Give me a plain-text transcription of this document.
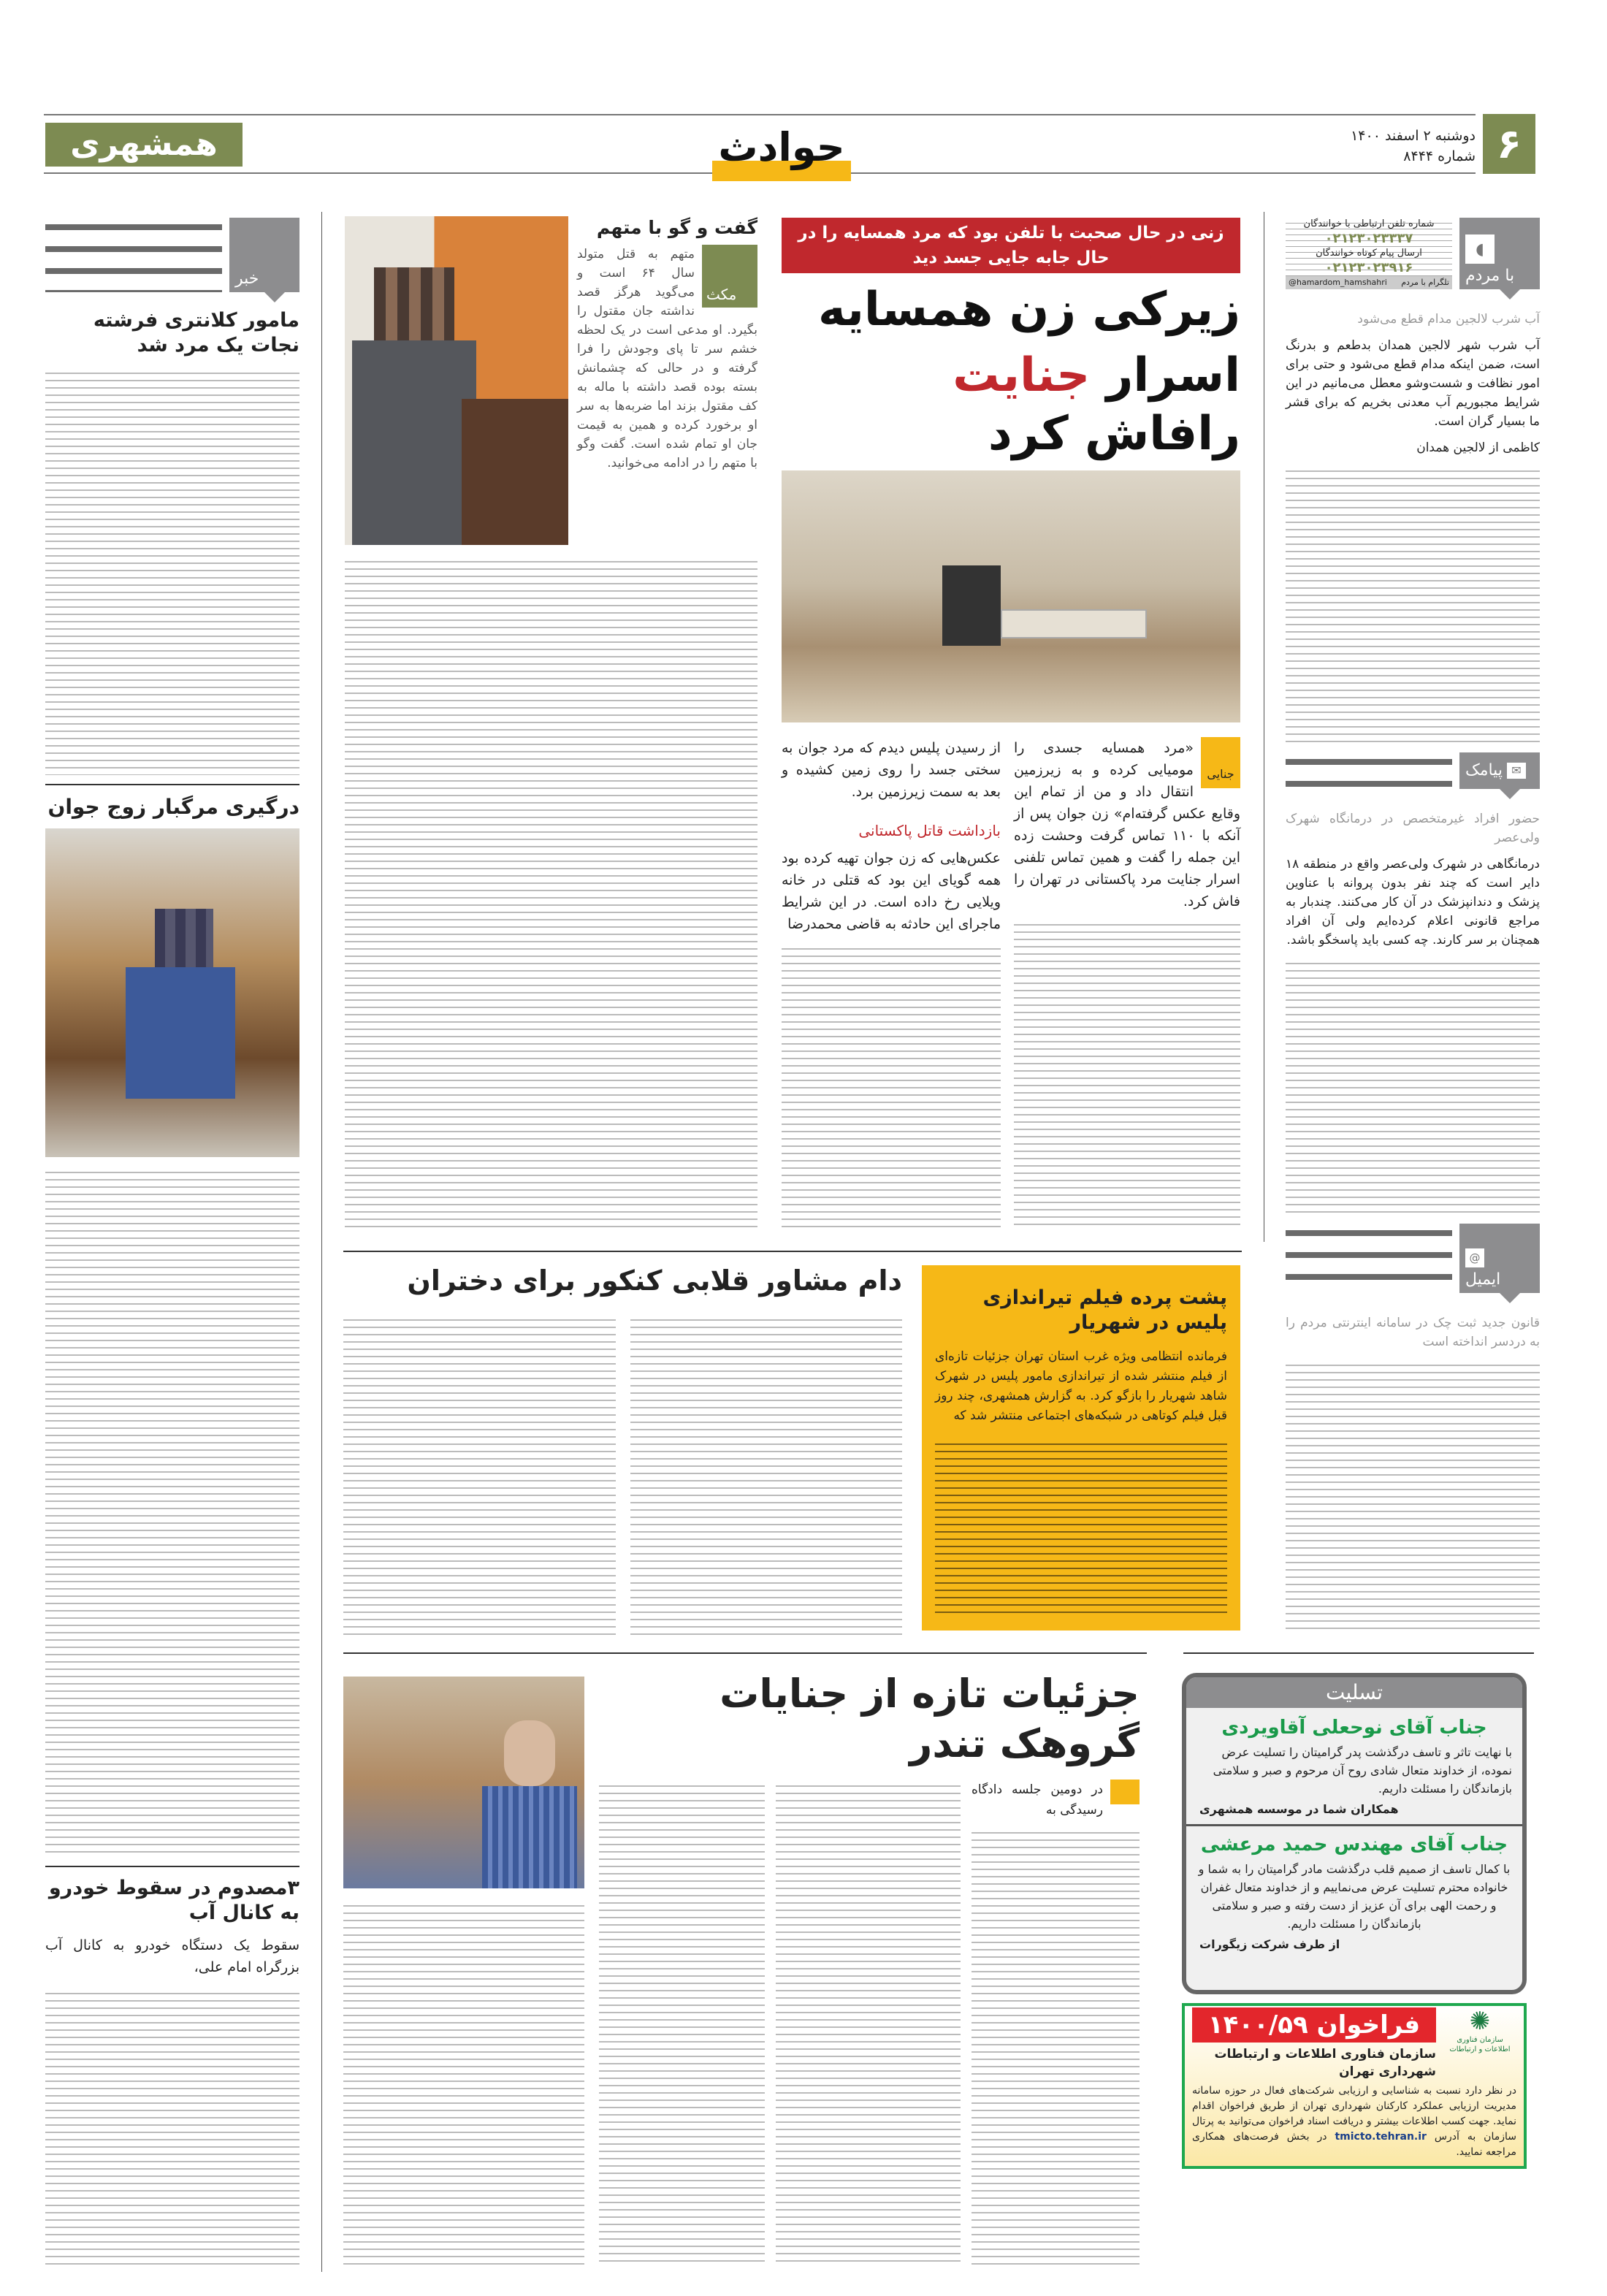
۶
دوشنبه ۲ اسفند ۱۴۰۰
شماره ۸۴۴۴
همشهری	حوادث
خبر
مامور کلانتری فرشته نجات یک مرد شد
درگیری مرگبار زوج جوان
۳مصدوم در سقوط خودرو به کانال آب
سقوط یک دستگاه خودرو به کانال آب بزرگراه امام علی،
گفت و گو با متهم
مکث
متهم به قتل متولد سال ۶۴ است و می‌گوید هرگز قصد نداشته جان مقتول را بگیرد. او مدعی است در یک لحظه خشم سر تا پای وجودش را فرا گرفته و در حالی که چشمانش بسته بوده قصد داشته با ماله به کف مقتول بزند اما ضربه‌ها به سر او برخورد کرده و همین به قیمت جان او تمام شده است. گفت وگو با متهم را در ادامه می‌خوانید.
زنی در حال صحبت با تلفن بود که مرد همسایه را در حال جابه جایی جسد دید
زیرکی زن همسایه
اسرار جنایت رافاش کرد
جنایی
«مرد همسایه جسدی را مومیایی کرده و به زیرزمین انتقال داد و من از تمام این وقایع عکس گرفته‌ام» زن جوان پس از آنکه با ۱۱۰ تماس گرفت وحشت زده این جمله را گفت و همین تماس تلفنی اسرار جنایت مرد پاکستانی در تهران را فاش کرد.
از رسیدن پلیس دیدم که مرد جوان به سختی جسد را روی زمین کشیده و بعد به سمت زیرزمین برد.
بازداشت قاتل پاکستانی
عکس‌هایی که زن جوان تهیه کرده بود همه گویای این بود که قتلی در خانه ویلایی رخ داده است. در این شرایط ماجرای این حادثه به قاضی محمدرضا
دام مشاور قلابی کنکور برای دختران
پشت پرده فیلم تیراندازی پلیس در شهریار
فرمانده انتظامی ویژه غرب استان تهران جزئیات تازه‌ای از فیلم منتشر شده از تیراندازی مامور پلیس در شهرک شاهد شهریار را بازگو کرد. به گزارش همشهری، چند روز قبل فیلم کوتاهی در شبکه‌های اجتماعی منتشر شد که
جزئیات تازه از جنایات گروهک تندر
در دومین جلسه دادگاه رسیدگی به
◖
با مردم
شماره تلفن ارتباطی با خوانندگان
۰۲۱۲۳۰۲۳۳۳۷
ارسال پیام کوتاه خوانندگان
۰۲۱۲۳۰۲۳۹۱۶
تلگرام با مردم
@hamardom_hamshahri
آب شرب لالجین مدام قطع می‌شود
آب شرب شهر لالجین همدان بدطعم و بدرنگ است، ضمن اینکه مدام قطع می‌شود و حتی برای امور نظافت و شست‌وشو معطل می‌مانیم در این شرایط مجبوریم آب معدنی بخریم که برای قشر ما بسیار گران است.
کاظمی از لالجین همدان
✉
پیامک
حضور افراد غیرمتخصص در درمانگاه شهرک ولی‌عصر
درمانگاهی در شهرک ولی‌عصر واقع در منطقه ۱۸ دایر است که چند نفر بدون پروانه با عناوین پزشک و دندانپزشک در آن کار می‌کنند. چندبار به مراجع قانونی اعلام کرده‌ایم ولی آن افراد همچنان بر سر کارند. چه کسی باید پاسخگو باشد.
@
ایمیل
قانون جدید ثبت چک در سامانه اینترنتی مردم را به دردسر انداخته است
تسلیت
جناب آقای نوحعلی آقاویردی
با نهایت تاثر و تاسف درگذشت پدر گرامیتان را تسلیت عرض نموده، از خداوند متعال شادی روح آن مرحوم و صبر و سلامتی بازماندگان را مسئلت داریم.
همکاران شما در موسسه همشهری
جناب آقای مهندس حمید مرعشی
با کمال تاسف از صمیم قلب درگذشت مادر گرامیتان را به شما و خانواده محترم تسلیت عرض می‌نماییم و از خداوند متعال غفران و رحمت الهی برای آن عزیز از دست رفته و صبر و سلامتی بازماندگان را مسئلت داریم.
از طرف شرکت زیگورات
✺
سازمان فناوری اطلاعات و ارتباطات
فراخوان ۱۴۰۰/۵۹
سازمان فناوری اطلاعات و ارتباطات شهرداری تهران
در نظر دارد نسبت به شناسایی و ارزیابی شرکت‌های فعال در حوزه سامانه مدیریت ارزیابی عملکرد کارکنان شهرداری تهران از طریق فراخوان اقدام نماید. جهت کسب اطلاعات بیشتر و دریافت اسناد فراخوان می‌توانید به پرتال سازمان به آدرس tmicto.tehran.ir در بخش فرصت‌های همکاری مراجعه نمایید.
